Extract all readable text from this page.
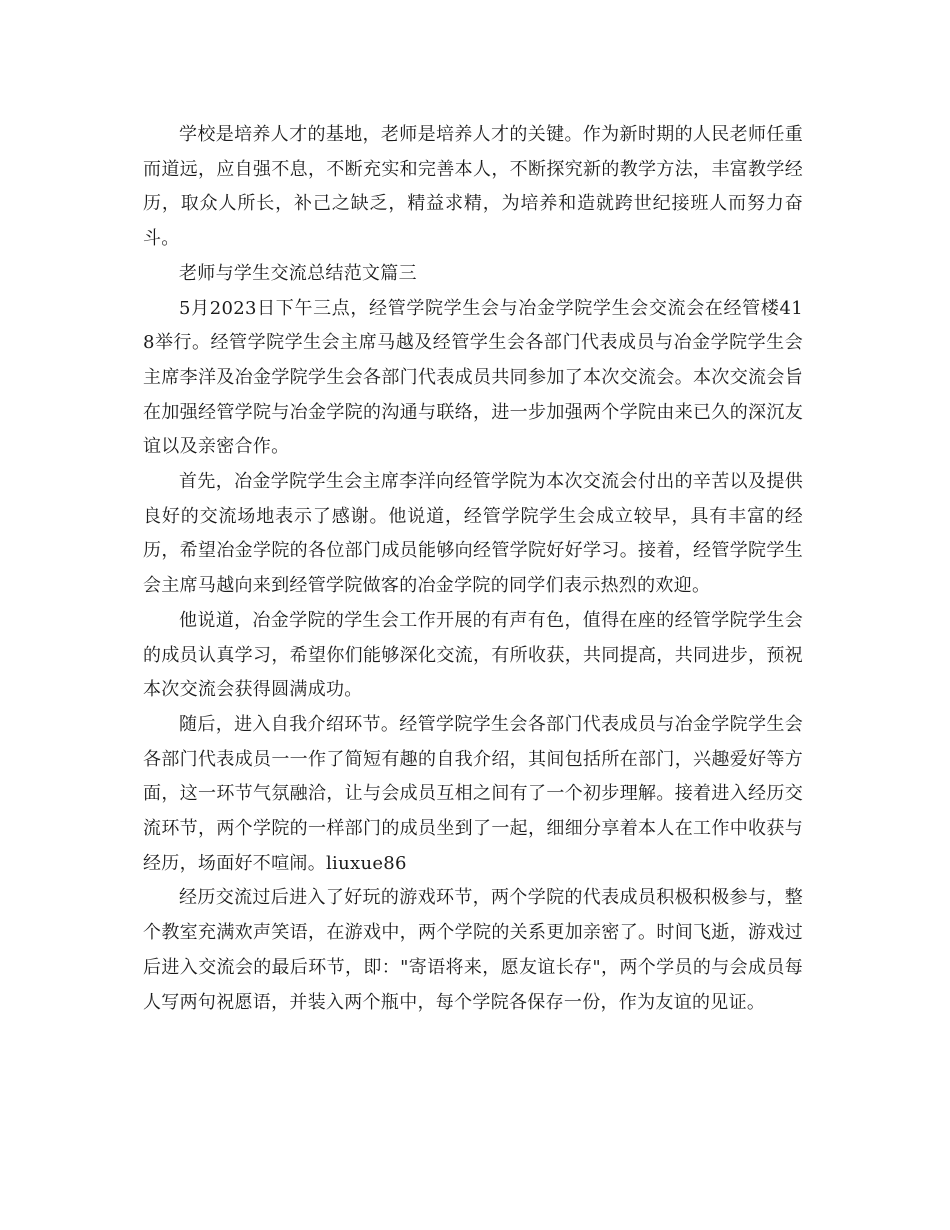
学校是培养人才的基地，老师是培养人才的关键。作为新时期的人民老师任重而道远，应自强不息，不断充实和完善本人，不断探究新的教学方法，丰富教学经历，取众人所长，补己之缺乏，精益求精，为培养和造就跨世纪接班人而努力奋斗。

老师与学生交流总结范文篇三

5月2023日下午三点，经管学院学生会与冶金学院学生会交流会在经管楼418举行。经管学院学生会主席马越及经管学生会各部门代表成员与冶金学院学生会主席李洋及冶金学院学生会各部门代表成员共同参加了本次交流会。本次交流会旨在加强经管学院与冶金学院的沟通与联络，进一步加强两个学院由来已久的深沉友谊以及亲密合作。

首先，冶金学院学生会主席李洋向经管学院为本次交流会付出的辛苦以及提供良好的交流场地表示了感谢。他说道，经管学院学生会成立较早，具有丰富的经历，希望冶金学院的各位部门成员能够向经管学院好好学习。接着，经管学院学生会主席马越向来到经管学院做客的冶金学院的同学们表示热烈的欢迎。

他说道，冶金学院的学生会工作开展的有声有色，值得在座的经管学院学生会的成员认真学习，希望你们能够深化交流，有所收获，共同提高，共同进步，预祝本次交流会获得圆满成功。

随后，进入自我介绍环节。经管学院学生会各部门代表成员与冶金学院学生会各部门代表成员一一作了简短有趣的自我介绍，其间包括所在部门，兴趣爱好等方面，这一环节气氛融洽，让与会成员互相之间有了一个初步理解。接着进入经历交流环节，两个学院的一样部门的成员坐到了一起，细细分享着本人在工作中收获与经历，场面好不喧闹。liuxue86

经历交流过后进入了好玩的游戏环节，两个学院的代表成员积极积极参与，整个教室充满欢声笑语，在游戏中，两个学院的关系更加亲密了。时间飞逝，游戏过后进入交流会的最后环节，即："寄语将来，愿友谊长存"，两个学员的与会成员每人写两句祝愿语，并装入两个瓶中，每个学院各保存一份，作为友谊的见证。
